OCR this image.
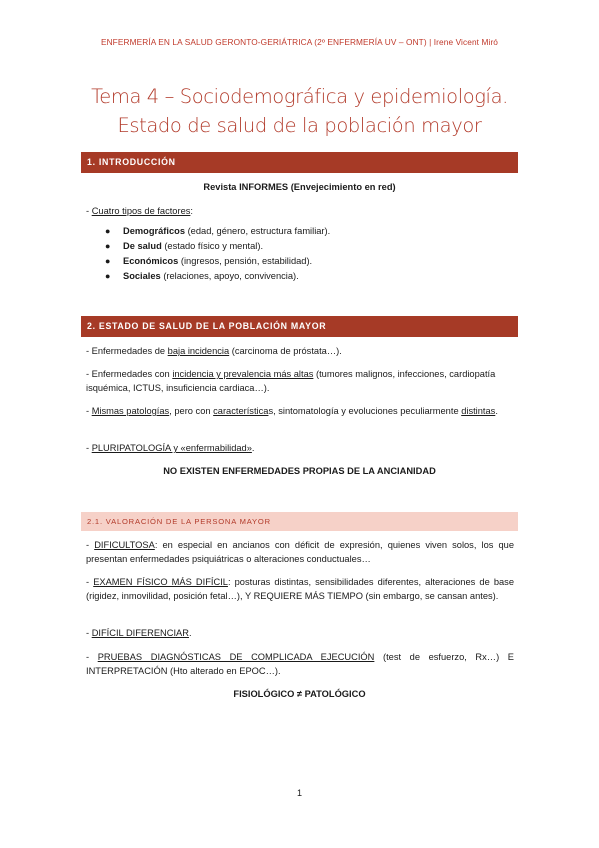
ENFERMERÍA EN LA SALUD GERONTO-GERIÁTRICA (2º ENFERMERÍA UV – ONT) | Irene Vicent Miró
Tema 4 – Sociodemográfica y epidemiología.
Estado de salud de la población mayor
1. INTRODUCCIÓN
Revista INFORMES (Envejecimiento en red)
- Cuatro tipos de factores:
● Demográficos (edad, género, estructura familiar).
● De salud (estado físico y mental).
● Económicos (ingresos, pensión, estabilidad).
● Sociales (relaciones, apoyo, convivencia).
2. ESTADO DE SALUD DE LA POBLACIÓN MAYOR
- Enfermedades de baja incidencia (carcinoma de próstata…).
- Enfermedades con incidencia y prevalencia más altas (tumores malignos, infecciones, cardiopatía isquémica, ICTUS, insuficiencia cardiaca…).
- Mismas patologías, pero con características, sintomatología y evoluciones peculiarmente distintas.
- PLURIPATOLOGÍA y «enfermabilidad».
NO EXISTEN ENFERMEDADES PROPIAS DE LA ANCIANIDAD
2.1. VALORACIÓN DE LA PERSONA MAYOR
- DIFICULTOSA: en especial en ancianos con déficit de expresión, quienes viven solos, los que presentan enfermedades psiquiátricas o alteraciones conductuales…
- EXAMEN FÍSICO MÁS DIFÍCIL: posturas distintas, sensibilidades diferentes, alteraciones de base (rigidez, inmovilidad, posición fetal…), Y REQUIERE MÁS TIEMPO (sin embargo, se cansan antes).
- DIFÍCIL DIFERENCIAR.
- PRUEBAS DIAGNÓSTICAS DE COMPLICADA EJECUCIÓN (test de esfuerzo, Rx…) E INTERPRETACIÓN (Hto alterado en EPOC…).
FISIOLÓGICO ≠ PATOLÓGICO
1
